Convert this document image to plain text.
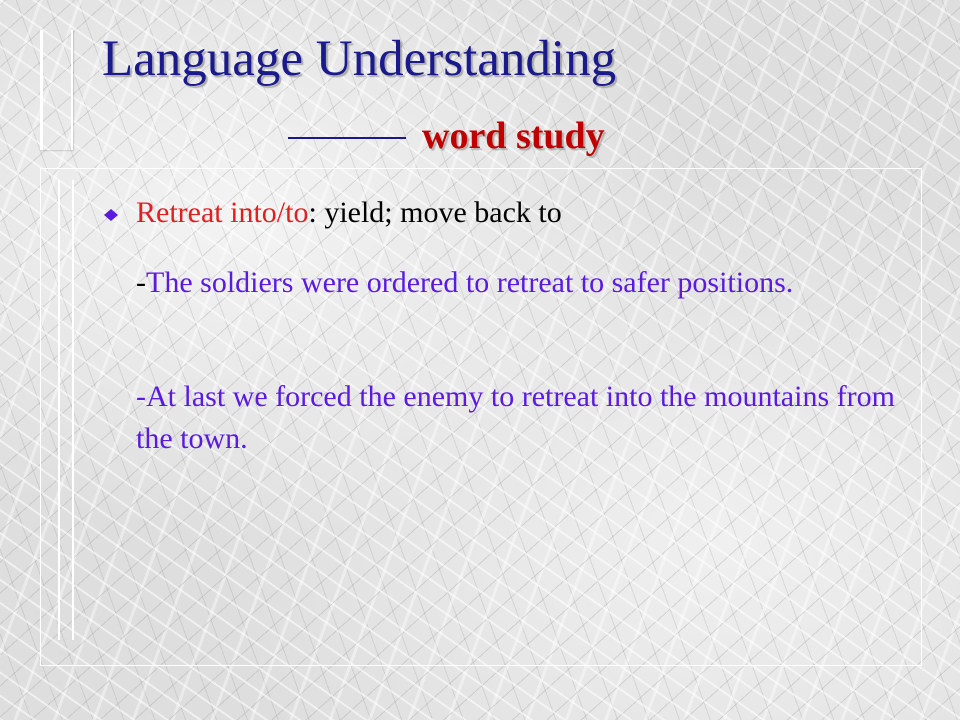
Language Understanding
word study
Retreat into/to: yield; move back to
-The soldiers were ordered to retreat to safer positions.
-At last we forced the enemy to retreat into the mountains from the town.
